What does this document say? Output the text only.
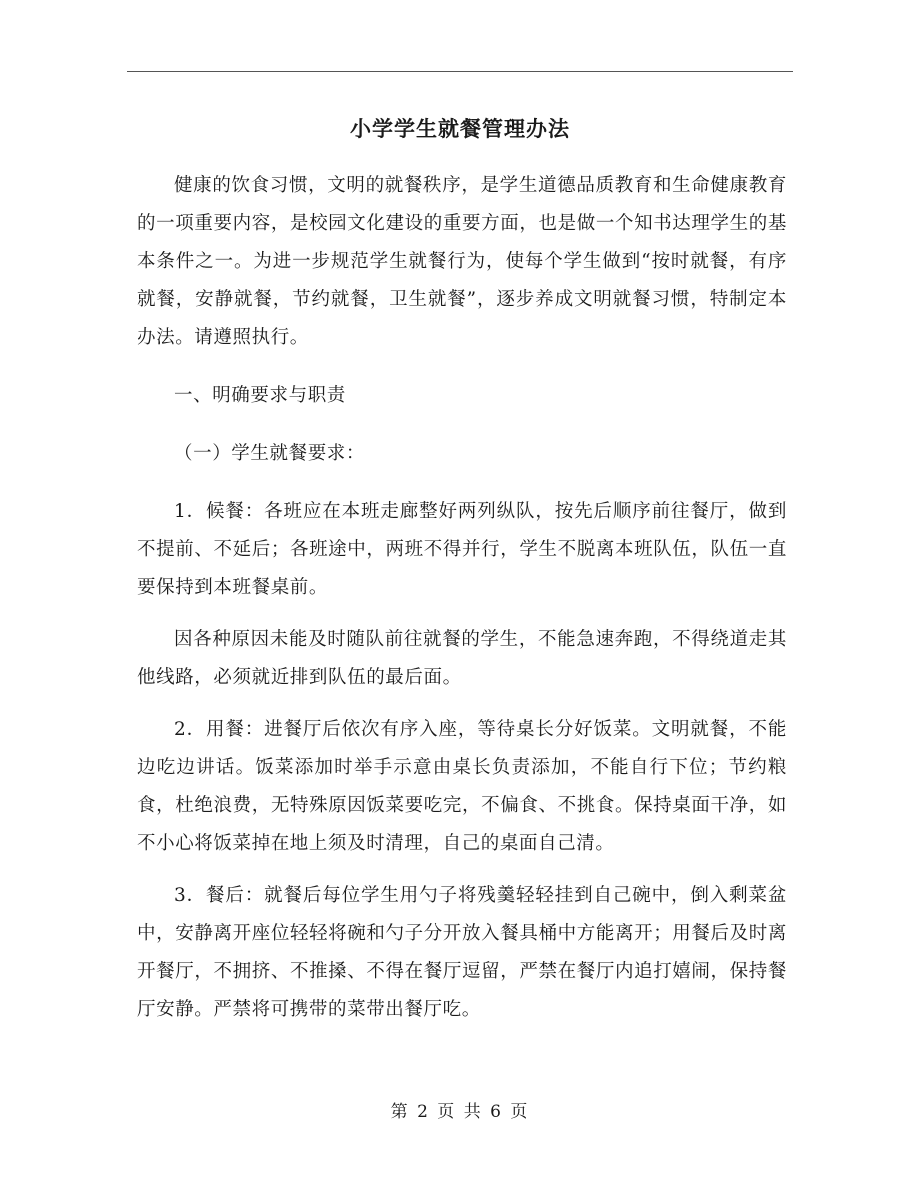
小学学生就餐管理办法

健康的饮食习惯，文明的就餐秩序，是学生道德品质教育和生命健康教育的一项重要内容，是校园文化建设的重要方面，也是做一个知书达理学生的基本条件之一。为进一步规范学生就餐行为，使每个学生做到“按时就餐，有序就餐，安静就餐，节约就餐，卫生就餐”，逐步养成文明就餐习惯，特制定本办法。请遵照执行。

一、明确要求与职责

（一）学生就餐要求：

1．候餐：各班应在本班走廊整好两列纵队，按先后顺序前往餐厅，做到不提前、不延后；各班途中，两班不得并行，学生不脱离本班队伍，队伍一直要保持到本班餐桌前。

因各种原因未能及时随队前往就餐的学生，不能急速奔跑，不得绕道走其他线路，必须就近排到队伍的最后面。

2．用餐：进餐厅后依次有序入座，等待桌长分好饭菜。文明就餐，不能边吃边讲话。饭菜添加时举手示意由桌长负责添加，不能自行下位；节约粮食，杜绝浪费，无特殊原因饭菜要吃完，不偏食、不挑食。保持桌面干净，如不小心将饭菜掉在地上须及时清理，自己的桌面自己清。

3．餐后：就餐后每位学生用勺子将残羹轻轻挂到自己碗中，倒入剩菜盆中，安静离开座位轻轻将碗和勺子分开放入餐具桶中方能离开；用餐后及时离开餐厅，不拥挤、不推搡、不得在餐厅逗留，严禁在餐厅内追打嬉闹，保持餐厅安静。严禁将可携带的菜带出餐厅吃。

第 2 页 共 6 页
